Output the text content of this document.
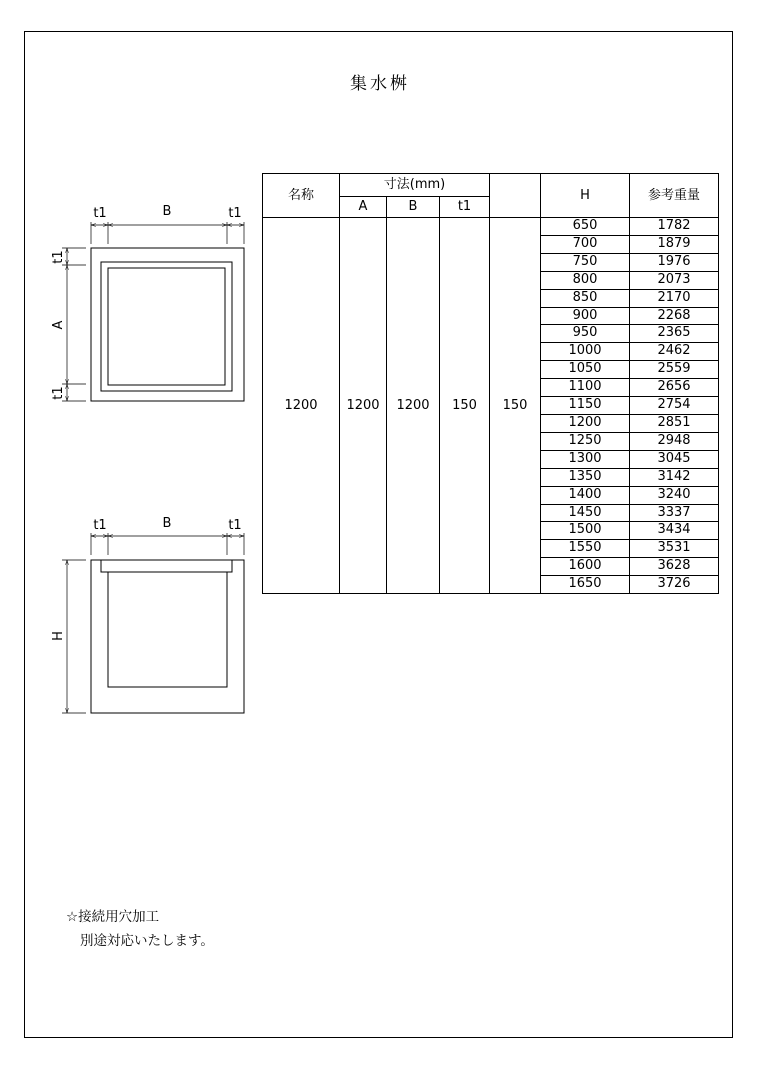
集水桝
t1	B	t1
t1
A
t1
t1	B	t1
H
名称	寸法(mm)				H	参考重量
	A	B	t1			
1200	1200	1200	150	150	650	1782
					700	1879
					750	1976
					800	2073
					850	2170
					900	2268
					950	2365
					1000	2462
					1050	2559
					1100	2656
					1150	2754
					1200	2851
					1250	2948
					1300	3045
					1350	3142
					1400	3240
					1450	3337
					1500	3434
					1550	3531
					1600	3628
					1650	3726
☆接続用穴加工
別途対応いたします。
